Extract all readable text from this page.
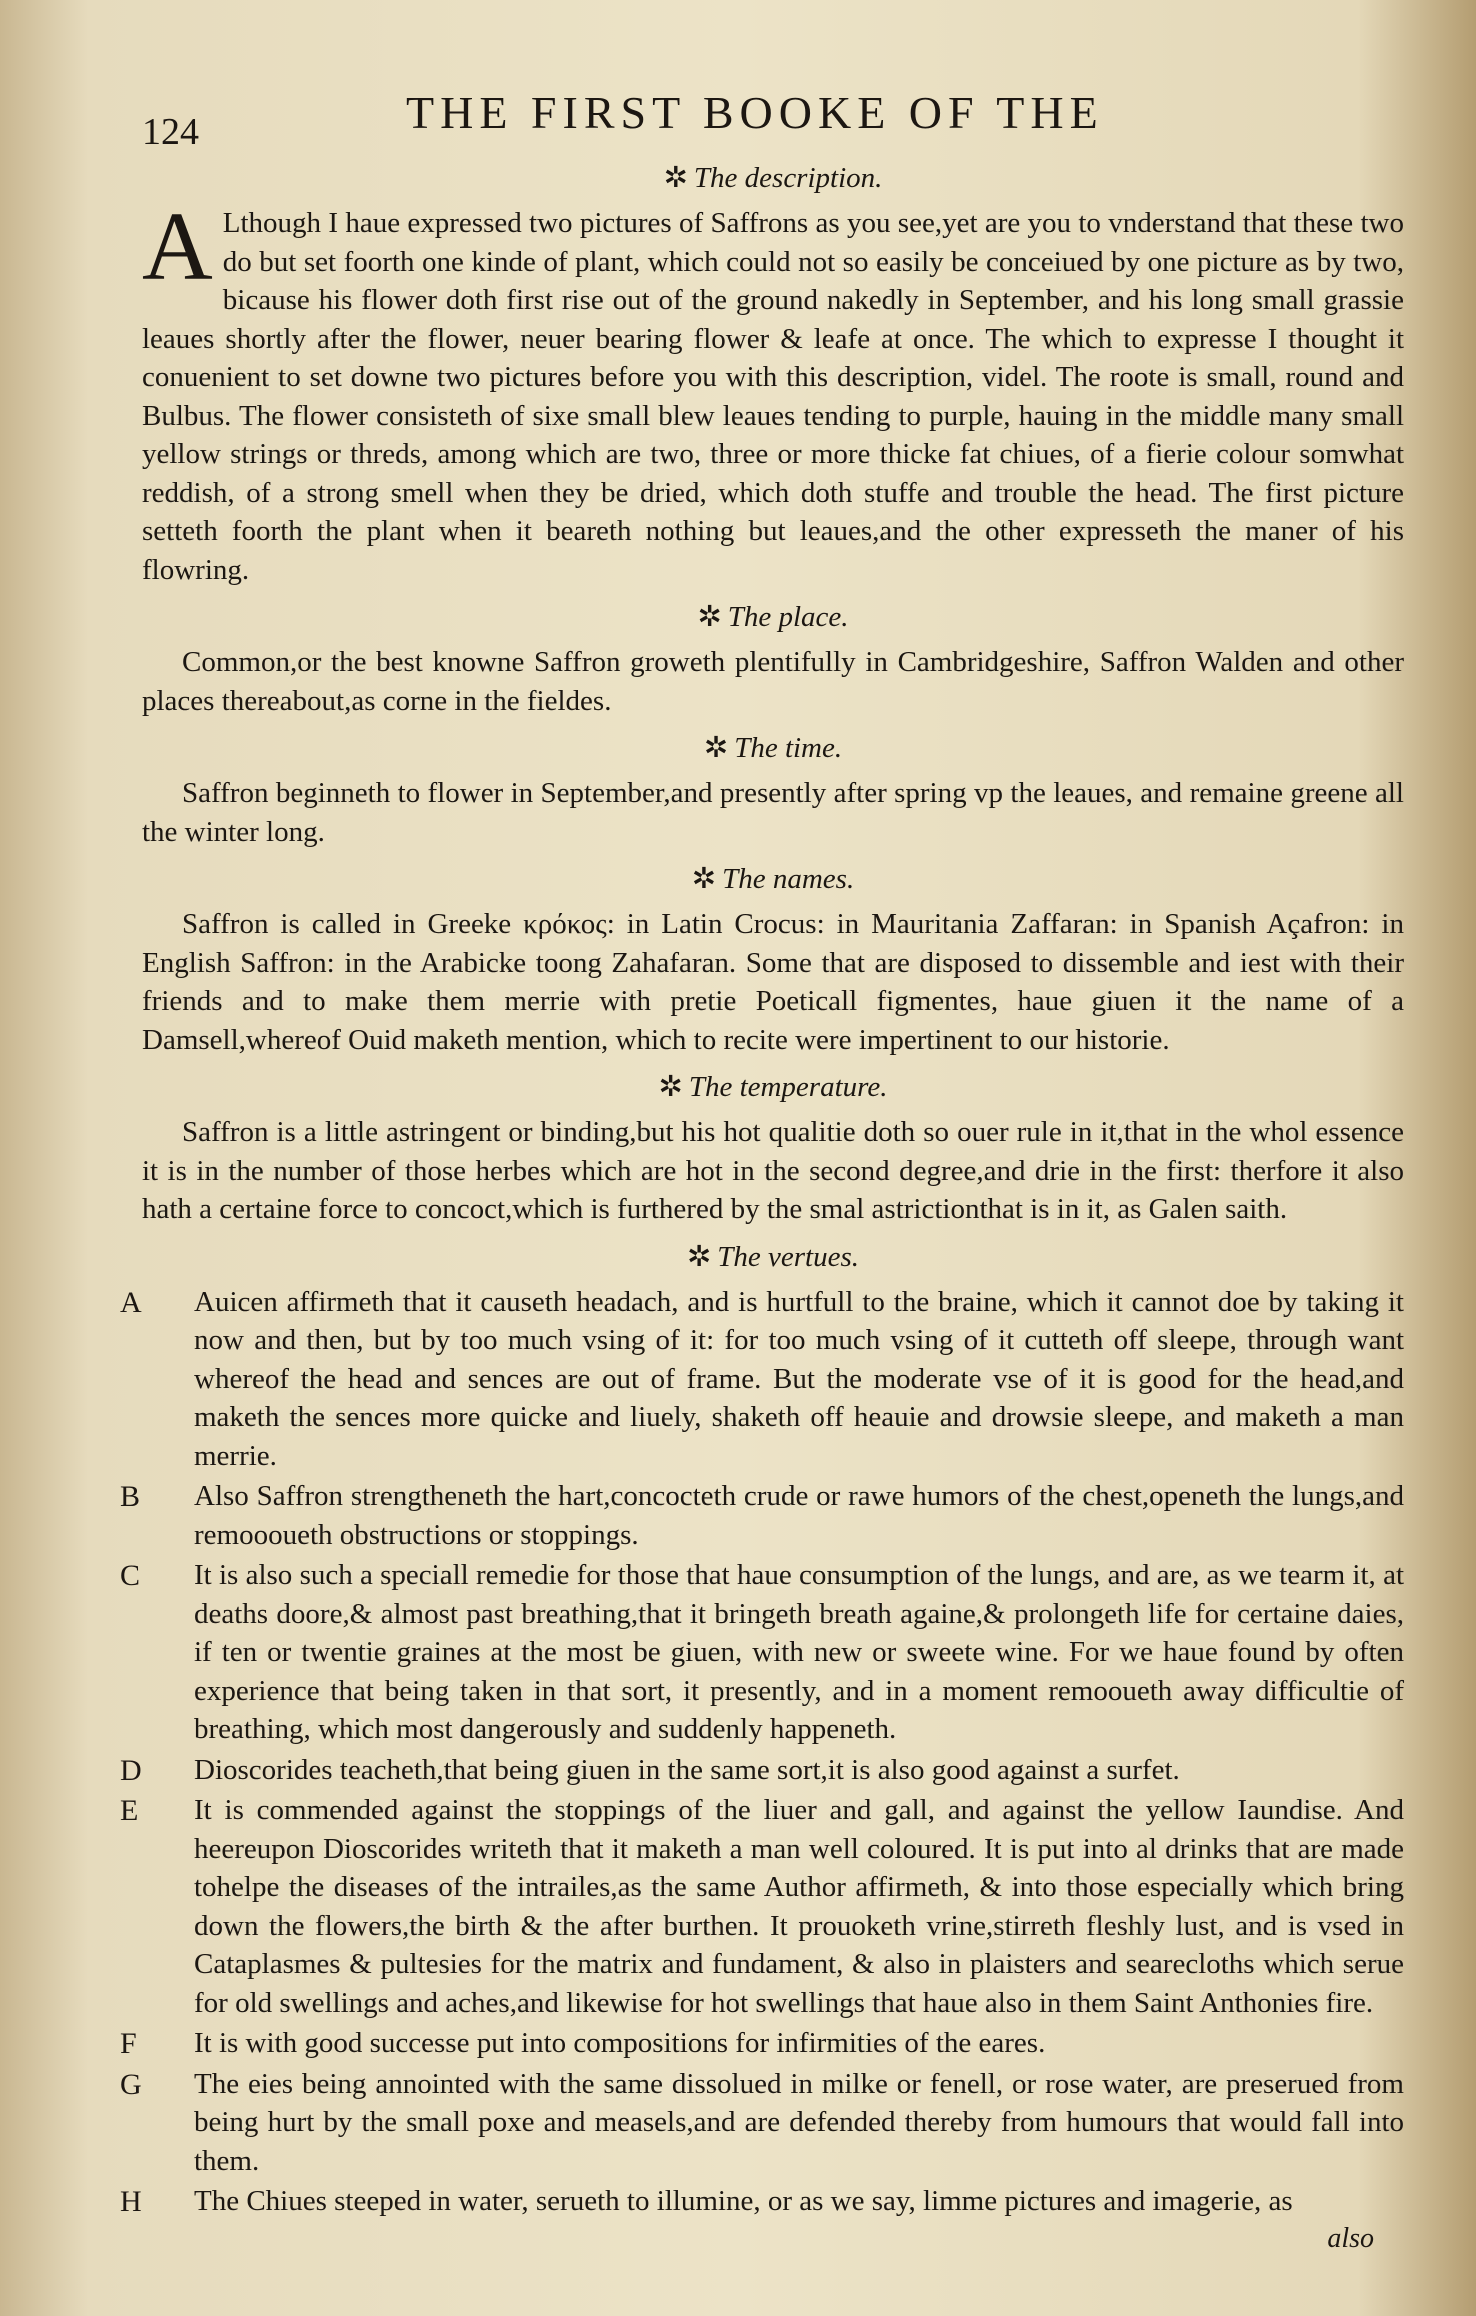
124	THE FIRST BOOKE OF THE
✲ The description.

A Lthough I haue expressed two pictures of Saffrons as you see,yet are you to vnderstand that these two do but set foorth one kinde of plant, which could not so easily be conceiued by one picture as by two, bicause his flower doth first rise out of the ground nakedly in September, and his long small grassie leaues shortly after the flower, neuer bearing flower & leafe at once. The which to expresse I thought it conuenient to set downe two pictures before you with this description, videl. The roote is small, round and Bulbus. The flower consisteth of sixe small blew leaues tending to purple, hauing in the middle many small yellow strings or threds, among which are two, three or more thicke fat chiues, of a fierie colour somwhat reddish, of a strong smell when they be dried, which doth stuffe and trouble the head. The first picture setteth foorth the plant when it beareth nothing but leaues,and the other expresseth the maner of his flowring.

✲ The place.

Common,or the best knowne Saffron groweth plentifully in Cambridgeshire, Saffron Walden and other places thereabout,as corne in the fieldes.

✲ The time.

Saffron beginneth to flower in September,and presently after spring vp the leaues, and remaine greene all the winter long.

✲ The names.

Saffron is called in Greeke κρόκος: in Latin Crocus: in Mauritania Zaffaran: in Spanish Açafron: in English Saffron: in the Arabicke toong Zahafaran. Some that are disposed to dissemble and iest with their friends and to make them merrie with pretie Poeticall figmentes, haue giuen it the name of a Damsell,whereof Ouid maketh mention, which to recite were impertinent to our historie.

✲ The temperature.

Saffron is a little astringent or binding,but his hot qualitie doth so ouer rule in it,that in the whol essence it is in the number of those herbes which are hot in the second degree,and drie in the first: therfore it also hath a certaine force to concoct,which is furthered by the smal astrictionthat is in it, as Galen saith.

✲ The vertues.
A Auicen affirmeth that it causeth headach, and is hurtfull to the braine, which it cannot doe by taking it now and then, but by too much vsing of it: for too much vsing of it cutteth off sleepe, through want whereof the head and sences are out of frame. But the moderate vse of it is good for the head,and maketh the sences more quicke and liuely, shaketh off heauie and drowsie sleepe, and maketh a man merrie.

B Also Saffron strengtheneth the hart,concocteth crude or rawe humors of the chest,openeth the lungs,and remoooueth obstructions or stoppings.

C It is also such a speciall remedie for those that haue consumption of the lungs, and are, as we tearm it, at deaths doore,& almost past breathing,that it bringeth breath againe,& prolongeth life for certaine daies, if ten or twentie graines at the most be giuen, with new or sweete wine. For we haue found by often experience that being taken in that sort, it presently, and in a moment remooueth away difficultie of breathing, which most dangerously and suddenly happeneth.

D Dioscorides teacheth,that being giuen in the same sort,it is also good against a surfet.

E It is commended against the stoppings of the liuer and gall, and against the yellow Iaundise. And heereupon Dioscorides writeth that it maketh a man well coloured. It is put into al drinks that are made tohelpe the diseases of the intrailes,as the same Author affirmeth, & into those especially which bring down the flowers,the birth & the after burthen. It prouoketh vrine,stirreth fleshly lust, and is vsed in Cataplasmes & pultesies for the matrix and fundament, & also in plaisters and searecloths which serue for old swellings and aches,and likewise for hot swellings that haue also in them Saint Anthonies fire.

F It is with good successe put into compositions for infirmities of the eares.

G The eies being annointed with the same dissolued in milke or fenell, or rose water, are preserued from being hurt by the small poxe and measels,and are defended thereby from humours that would fall into them.

H The Chiues steeped in water, serueth to illumine, or as we say, limme pictures and imagerie, as

also
